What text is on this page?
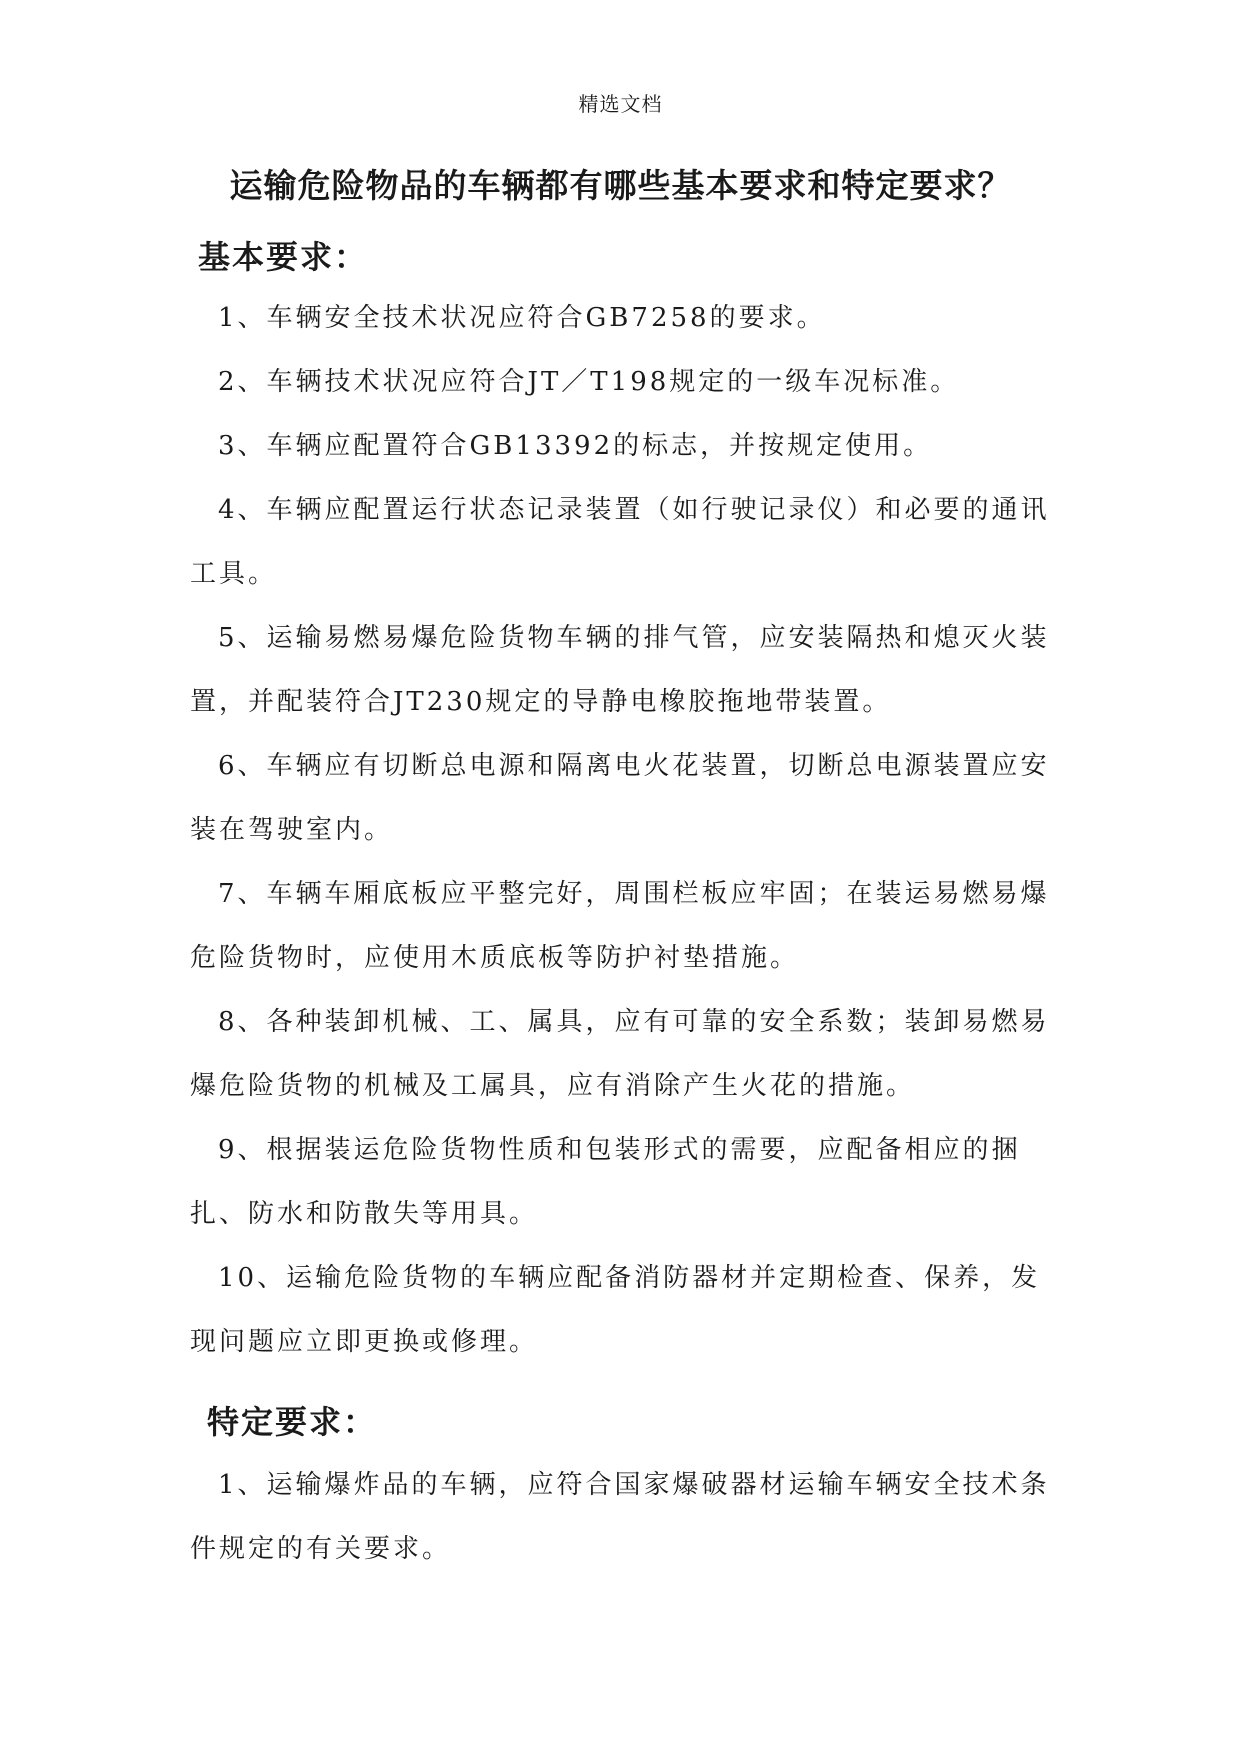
精选文档
运输危险物品的车辆都有哪些基本要求和特定要求？
基本要求：

1、车辆安全技术状况应符合GB7258的要求。

2、车辆技术状况应符合JT／T198规定的一级车况标准。

3、车辆应配置符合GB13392的标志，并按规定使用。

4、车辆应配置运行状态记录装置（如行驶记录仪）和必要的通讯工具。

5、运输易燃易爆危险货物车辆的排气管，应安装隔热和熄灭火装置，并配装符合JT230规定的导静电橡胶拖地带装置。

6、车辆应有切断总电源和隔离电火花装置，切断总电源装置应安装在驾驶室内。

7、车辆车厢底板应平整完好，周围栏板应牢固；在装运易燃易爆危险货物时，应使用木质底板等防护衬垫措施。

8、各种装卸机械、工、属具，应有可靠的安全系数；装卸易燃易爆危险货物的机械及工属具，应有消除产生火花的措施。

9、根据装运危险货物性质和包装形式的需要，应配备相应的捆扎、防水和防散失等用具。

10、运输危险货物的车辆应配备消防器材并定期检查、保养，发现问题应立即更换或修理。

特定要求：

1、运输爆炸品的车辆，应符合国家爆破器材运输车辆安全技术条件规定的有关要求。
